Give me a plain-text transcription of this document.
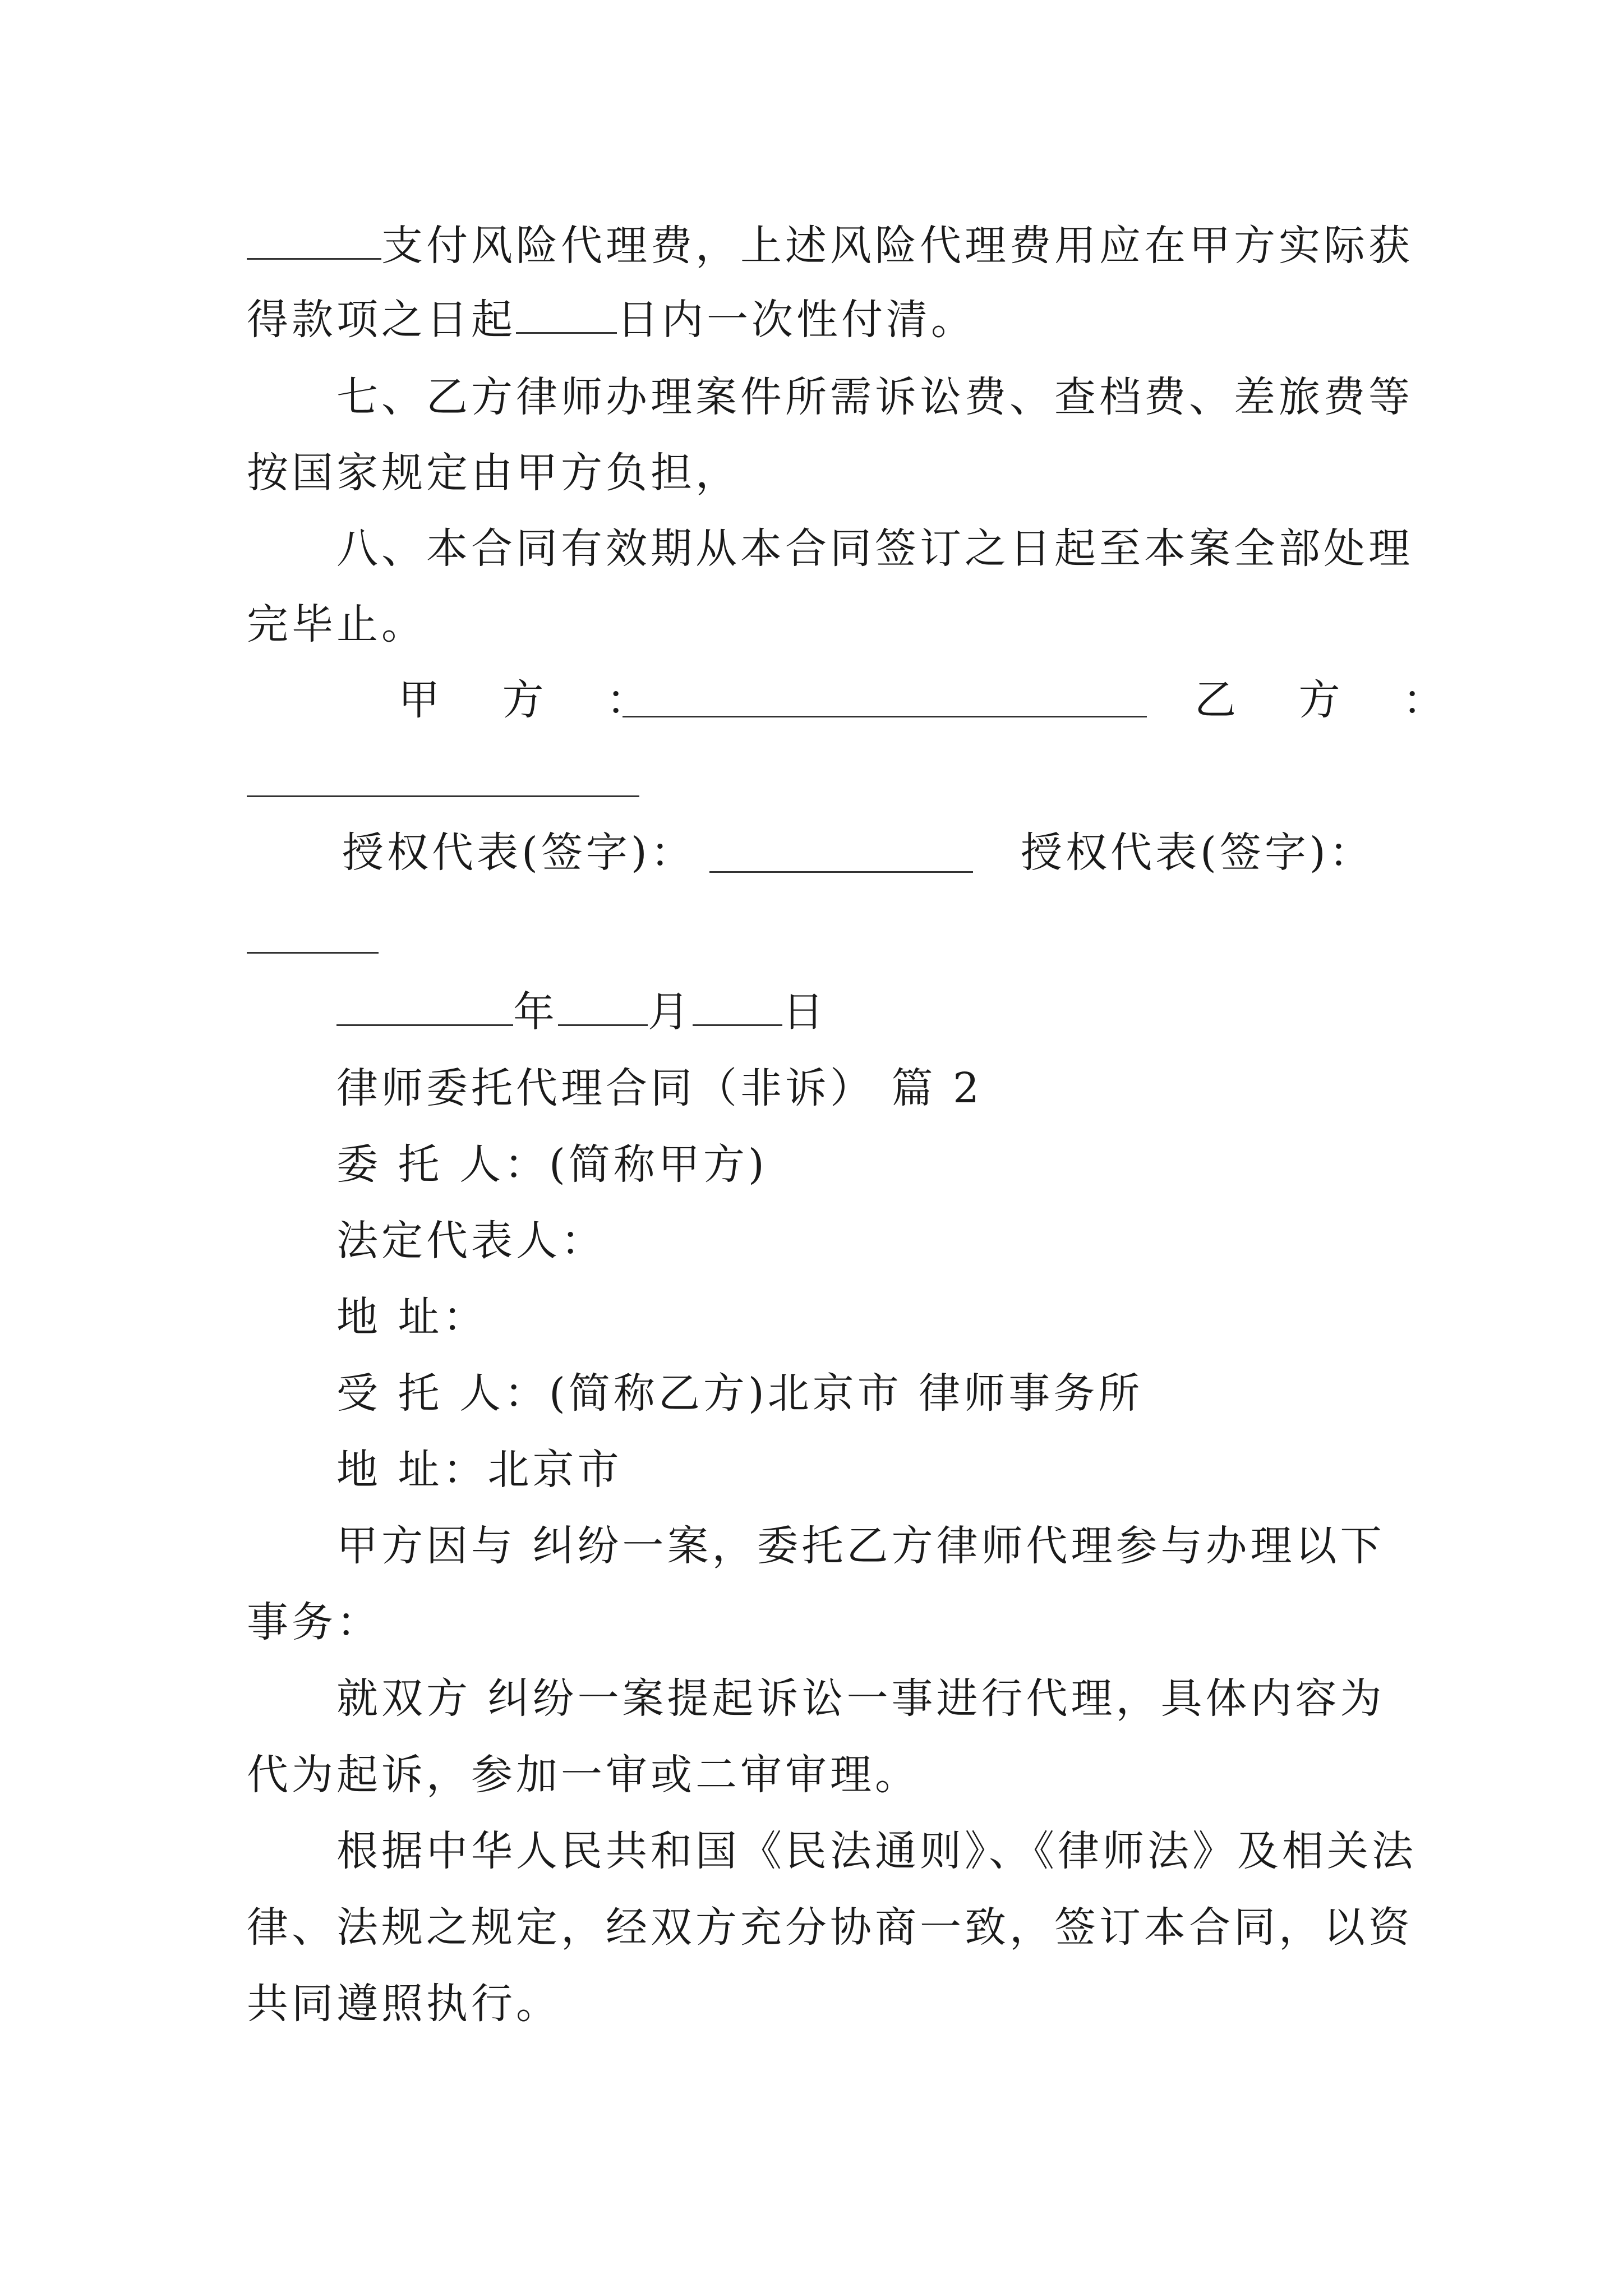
支付风险代理费，上述风险代理费用应在甲方实际获
得款项之日起 日内一次性付清。
七、乙方律师办理案件所需诉讼费、查档费、差旅费等
按国家规定由甲方负担，
八、本合同有效期从本合同签订之日起至本案全部处理
完毕止。
甲 方 ：	乙 方 ：
授权代表(签字)：	授权代表(签字)：
年 月 日
律师委托代理合同（非诉） 篇 2
委 托 人：(简称甲方)
法定代表人：
地 址：
受 托 人：(简称乙方)北京市 律师事务所
地 址：北京市
甲方因与 纠纷一案，委托乙方律师代理参与办理以下
事务：
就双方 纠纷一案提起诉讼一事进行代理，具体内容为
代为起诉，参加一审或二审审理。
根据中华人民共和国《民法通则》、《律师法》及相关法
律、法规之规定，经双方充分协商一致，签订本合同，以资
共同遵照执行。
